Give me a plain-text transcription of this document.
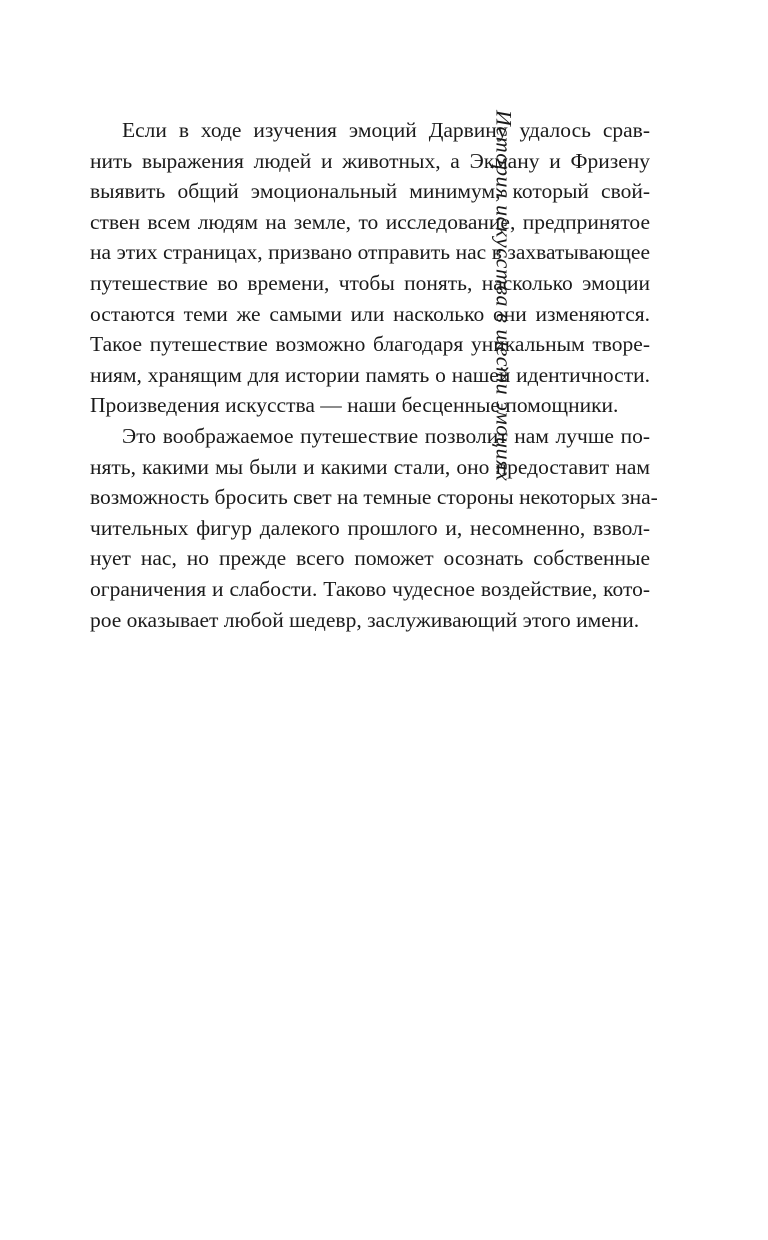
Если в ходе изучения эмоций Дарвину удалось срав-
нить выражения людей и животных, а Экману и Фризену
выявить общий эмоциональный минимум, который свой-
ствен всем людям на земле, то исследование, предпринятое
на этих страницах, призвано отправить нас в захватывающее
путешествие во времени, чтобы понять, насколько эмоции
остаются теми же самыми или насколько они изменяются.
Такое путешествие возможно благодаря уникальным творе-
ниям, хранящим для истории память о нашей идентичности.
Произведения искусства — наши бесценные помощники.
Это воображаемое путешествие позволит нам лучше по-
нять, какими мы были и какими стали, оно предоставит нам
возможность бросить свет на темные стороны некоторых зна-
чительных фигур далекого прошлого и, несомненно, взвол-
нует нас, но прежде всего поможет осознать собственные
ограничения и слабости. Таково чудесное воздействие, кото-
рое оказывает любой шедевр, заслуживающий этого имени.
История искусства в шести эмоциях
